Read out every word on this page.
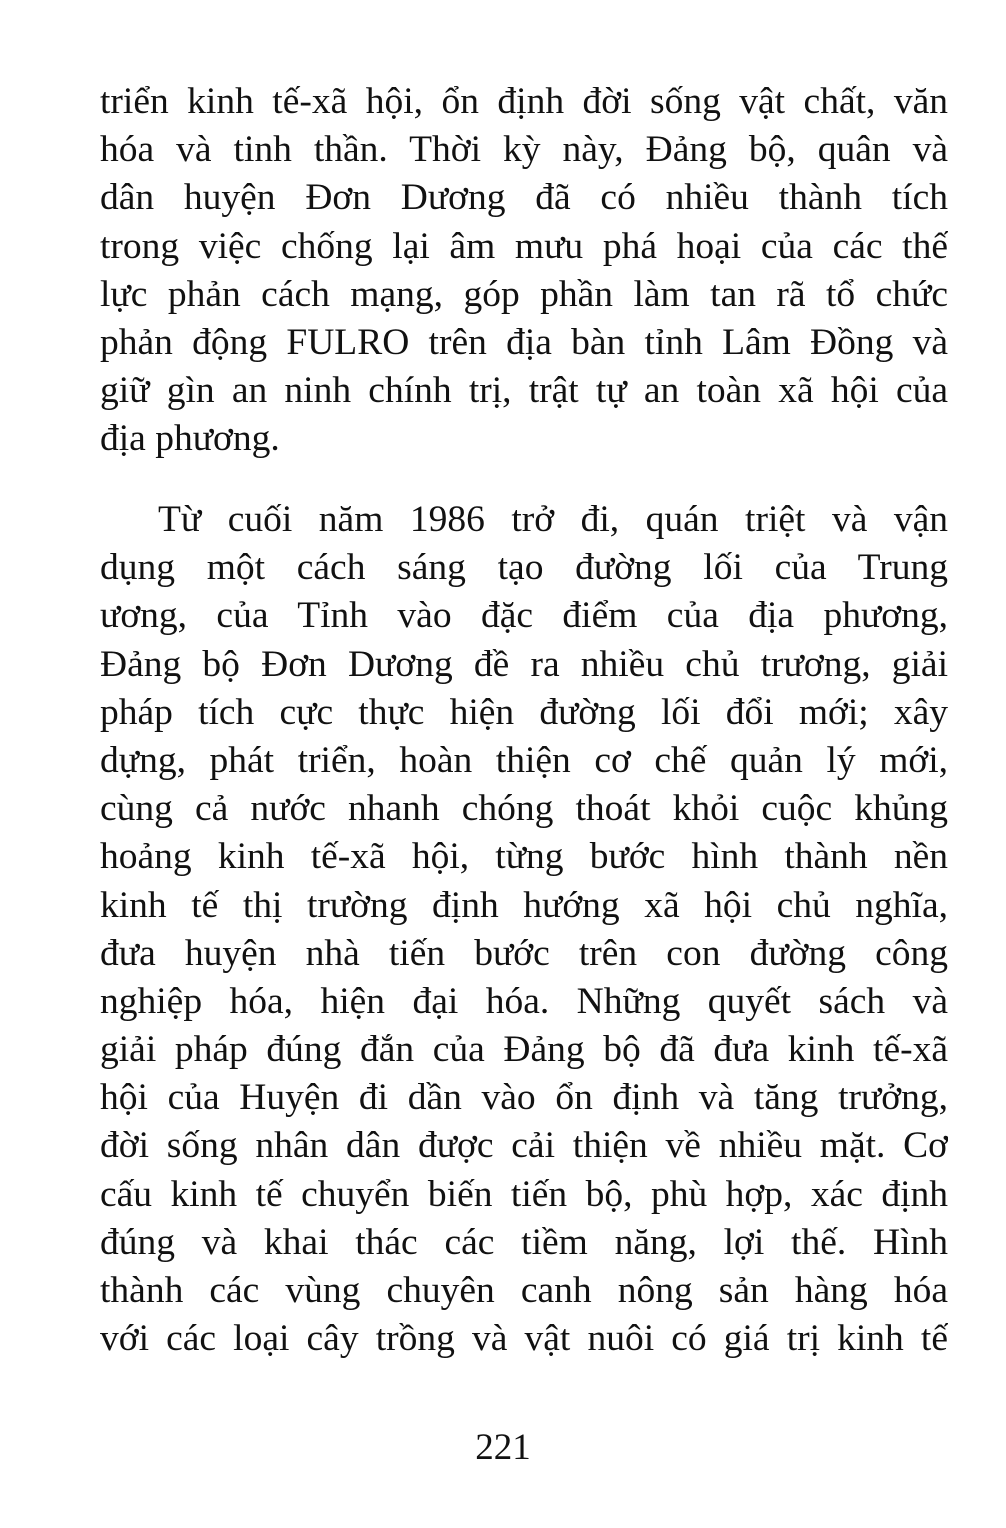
triển kinh tế-xã hội, ổn định đời sống vật chất, văn
hóa và tinh thần. Thời kỳ này, Đảng bộ, quân và
dân huyện Đơn Dương đã có nhiều thành tích
trong việc chống lại âm mưu phá hoại của các thế
lực phản cách mạng, góp phần làm tan rã tổ chức
phản động FULRO trên địa bàn tỉnh Lâm Đồng và
giữ gìn an ninh chính trị, trật tự an toàn xã hội của
địa phương.
Từ cuối năm 1986 trở đi, quán triệt và vận
dụng một cách sáng tạo đường lối của Trung
ương, của Tỉnh vào đặc điểm của địa phương,
Đảng bộ Đơn Dương đề ra nhiều chủ trương, giải
pháp tích cực thực hiện đường lối đổi mới; xây
dựng, phát triển, hoàn thiện cơ chế quản lý mới,
cùng cả nước nhanh chóng thoát khỏi cuộc khủng
hoảng kinh tế-xã hội, từng bước hình thành nền
kinh tế thị trường định hướng xã hội chủ nghĩa,
đưa huyện nhà tiến bước trên con đường công
nghiệp hóa, hiện đại hóa. Những quyết sách và
giải pháp đúng đắn của Đảng bộ đã đưa kinh tế-xã
hội của Huyện đi dần vào ổn định và tăng trưởng,
đời sống nhân dân được cải thiện về nhiều mặt. Cơ
cấu kinh tế chuyển biến tiến bộ, phù hợp, xác định
đúng và khai thác các tiềm năng, lợi thế. Hình
thành các vùng chuyên canh nông sản hàng hóa
với các loại cây trồng và vật nuôi có giá trị kinh tế
221
